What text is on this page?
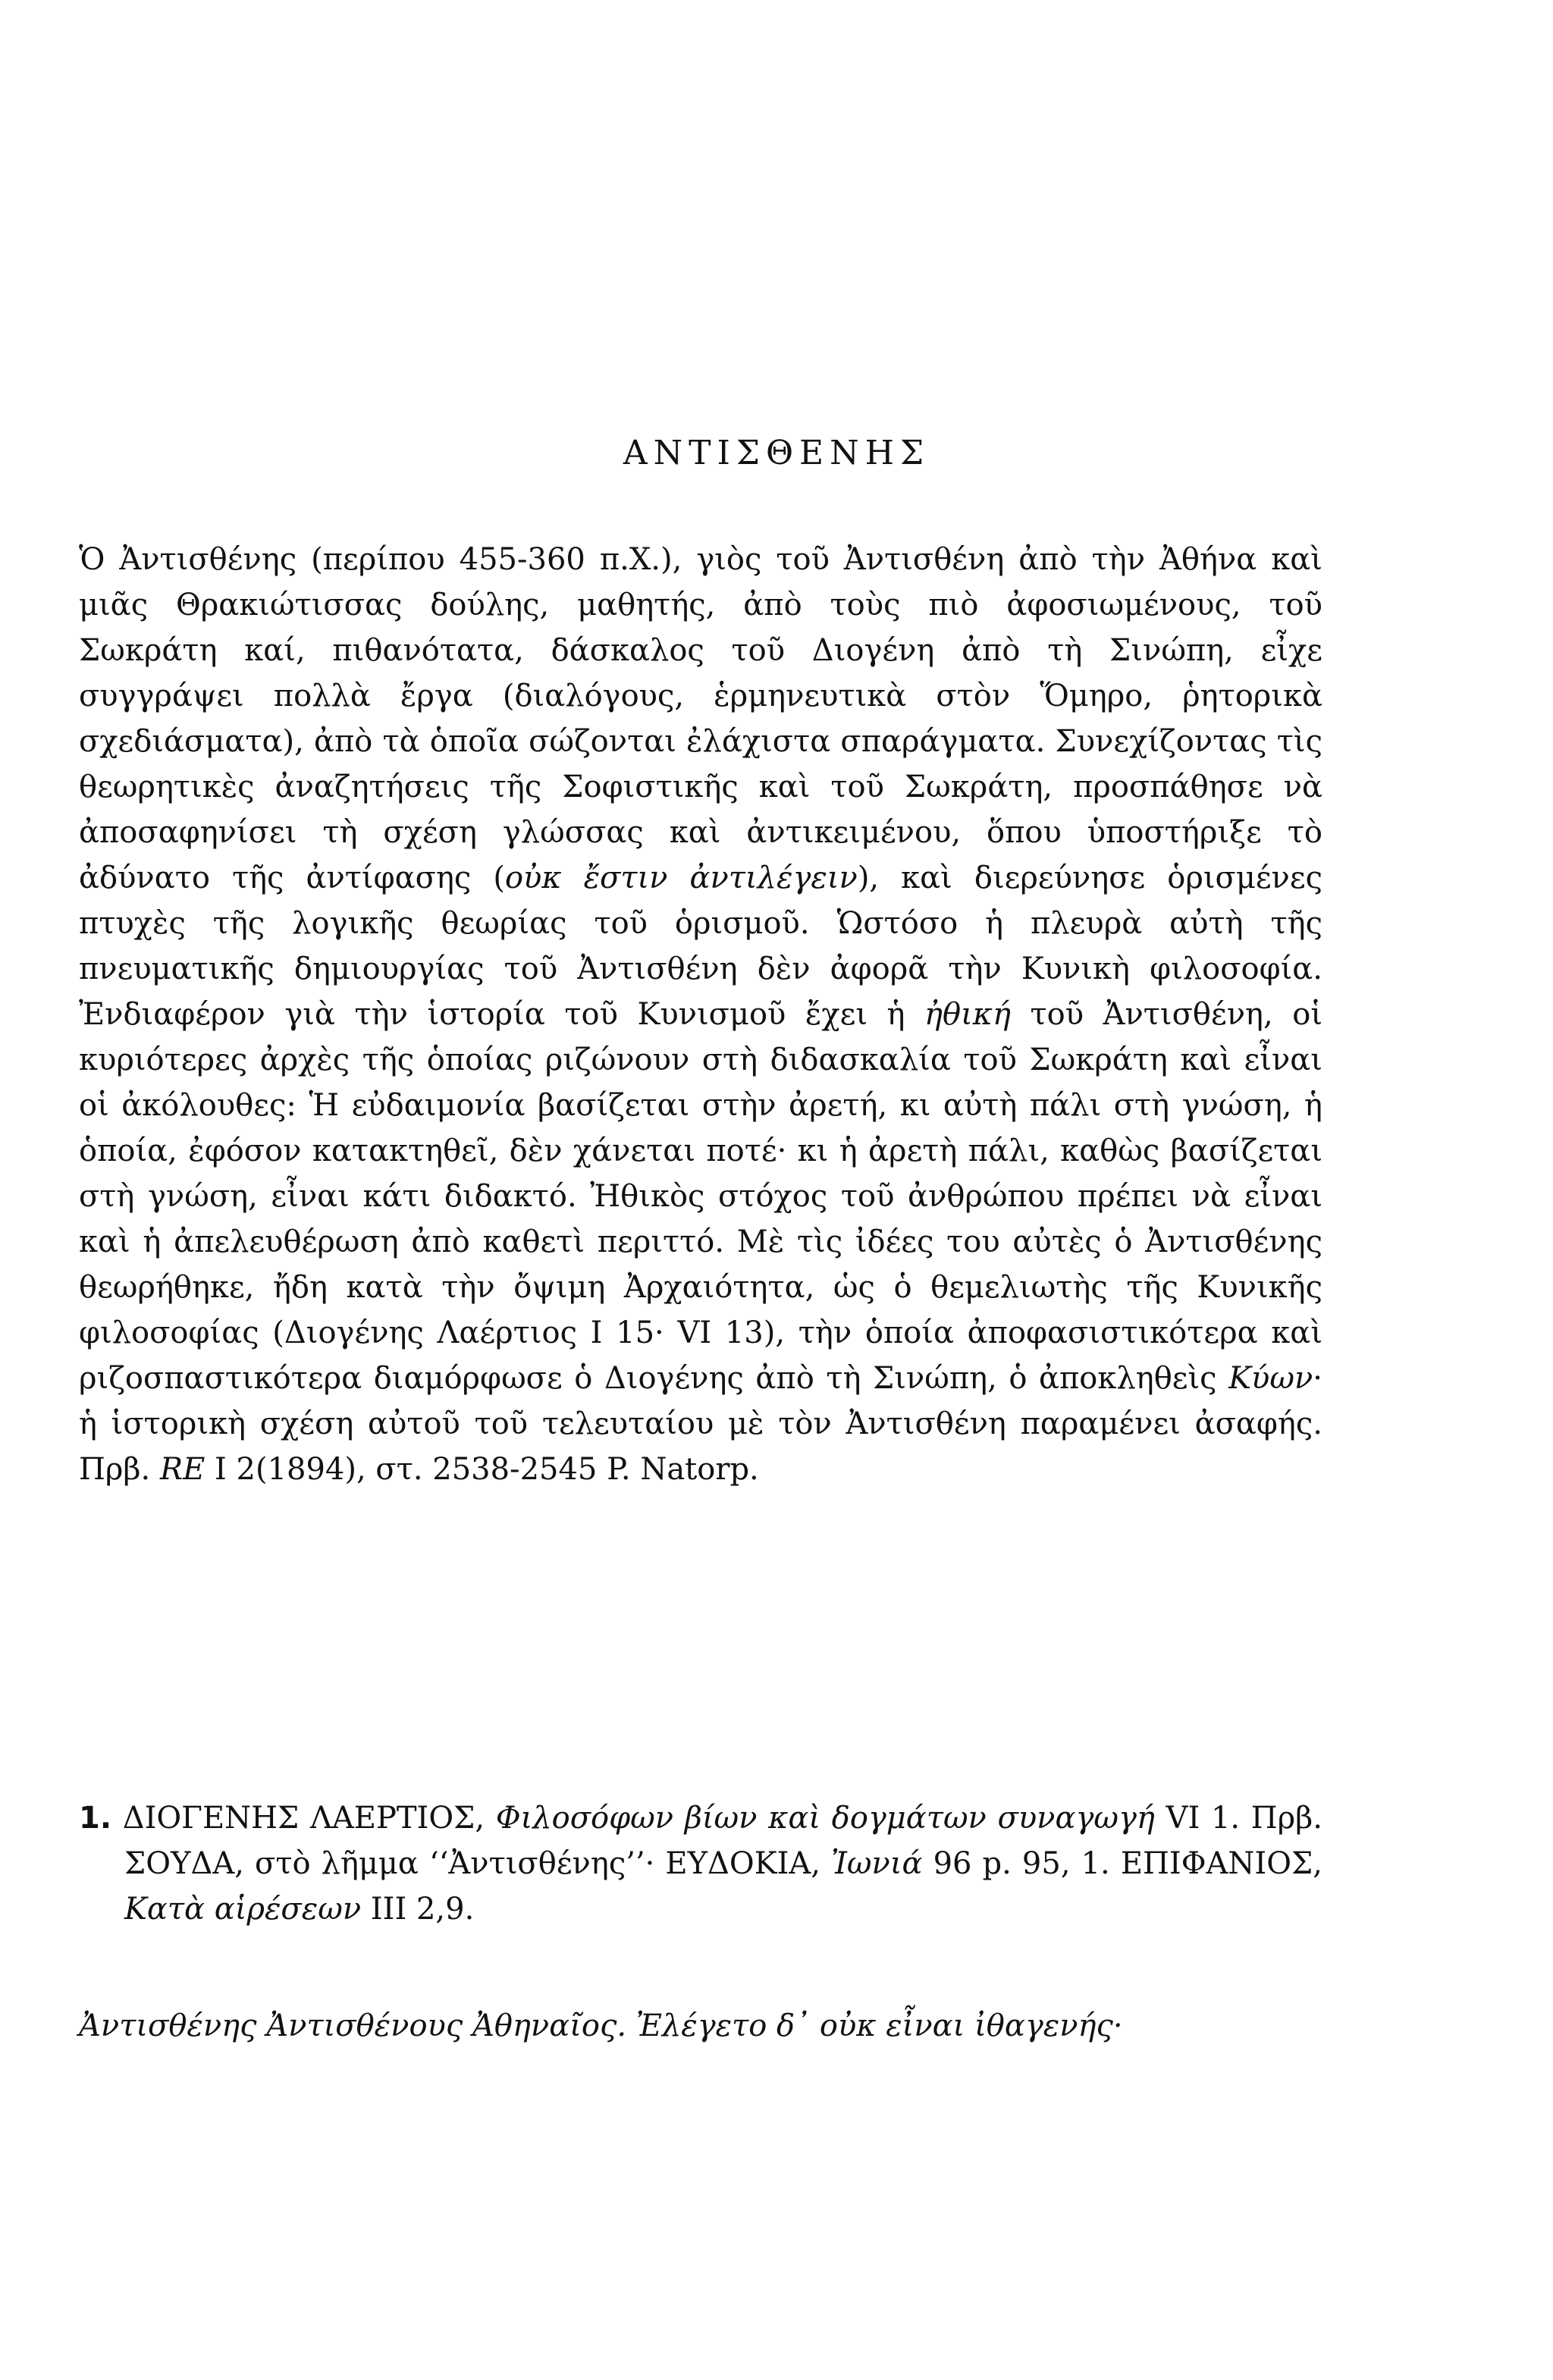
ΑΝΤΙΣΘΕΝΗΣ

Ὁ Ἀντισθένης (περίπου 455-360 π.Χ.), γιὸς τοῦ Ἀντισθένη ἀπὸ τὴν Ἀθήνα καὶ μιᾶς Θρακιώτισσας δούλης, μαθητής, ἀπὸ τοὺς πιὸ ἀφοσιωμένους, τοῦ Σωκράτη καί, πιθανότατα, δάσκαλος τοῦ Διογένη ἀπὸ τὴ Σινώπη, εἶχε συγγράψει πολλὰ ἔργα (διαλόγους, ἑρμηνευτικὰ στὸν Ὅμηρο, ῥητορικὰ σχεδιάσματα), ἀπὸ τὰ ὁποῖα σώζονται ἐλάχιστα σπαράγματα. Συνεχίζοντας τὶς θεωρητικὲς ἀναζητήσεις τῆς Σοφιστικῆς καὶ τοῦ Σωκράτη, προσπάθησε νὰ ἀποσαφηνίσει τὴ σχέση γλώσσας καὶ ἀντικειμένου, ὅπου ὑποστήριξε τὸ ἀδύνατο τῆς ἀντίφασης (οὐκ ἔστιν ἀντιλέγειν), καὶ διερεύνησε ὁρισμένες πτυχὲς τῆς λογικῆς θεωρίας τοῦ ὁρισμοῦ. Ὡστόσο ἡ πλευρὰ αὐτὴ τῆς πνευματικῆς δημιουργίας τοῦ Ἀντισθένη δὲν ἀφορᾶ τὴν Κυνικὴ φιλοσοφία. Ἐνδιαφέρον γιὰ τὴν ἱστορία τοῦ Κυνισμοῦ ἔχει ἡ ἠθική τοῦ Ἀντισθένη, οἱ κυριότερες ἀρχὲς τῆς ὁποίας ριζώνουν στὴ διδασκαλία τοῦ Σωκράτη καὶ εἶναι οἱ ἀκόλουθες: Ἡ εὐδαιμονία βασίζεται στὴν ἀρετή, κι αὐτὴ πάλι στὴ γνώση, ἡ ὁποία, ἐφόσον κατακτηθεῖ, δὲν χάνεται ποτέ· κι ἡ ἀρετὴ πάλι, καθὼς βασίζεται στὴ γνώση, εἶναι κάτι διδακτό. Ἠθικὸς στόχος τοῦ ἀνθρώπου πρέπει νὰ εἶναι καὶ ἡ ἀπελευθέρωση ἀπὸ καθετὶ περιττό. Μὲ τὶς ἰδέες του αὐτὲς ὁ Ἀντισθένης θεωρήθηκε, ἤδη κατὰ τὴν ὄψιμη Ἀρχαιότητα, ὡς ὁ θεμελιωτὴς τῆς Κυνικῆς φιλοσοφίας (Διογένης Λαέρτιος I 15· VI 13), τὴν ὁποία ἀποφασιστικότερα καὶ ριζοσπαστικότερα διαμόρφωσε ὁ Διογένης ἀπὸ τὴ Σινώπη, ὁ ἀποκληθεὶς Κύων· ἡ ἱστορικὴ σχέση αὐτοῦ τοῦ τελευταίου μὲ τὸν Ἀντισθένη παραμένει ἀσαφής. Πρβ. RE I 2(1894), στ. 2538-2545 P. Natorp.

1. ΔΙΟΓΕΝΗΣ ΛΑΕΡΤΙΟΣ, Φιλοσόφων βίων καὶ δογμάτων συναγωγή VI 1. Πρβ. ΣΟΥΔΑ, στὸ λῆμμα ‘‘Ἀντισθένης’’· ΕΥΔΟΚΙΑ, Ἰωνιά 96 p. 95, 1. ΕΠΙΦΑΝΙΟΣ, Κατὰ αἱρέσεων III 2,9.

Ἀντισθένης Ἀντισθένους Ἀθηναῖος. Ἐλέγετο δ᾿ οὐκ εἶναι ἰθαγενής·
